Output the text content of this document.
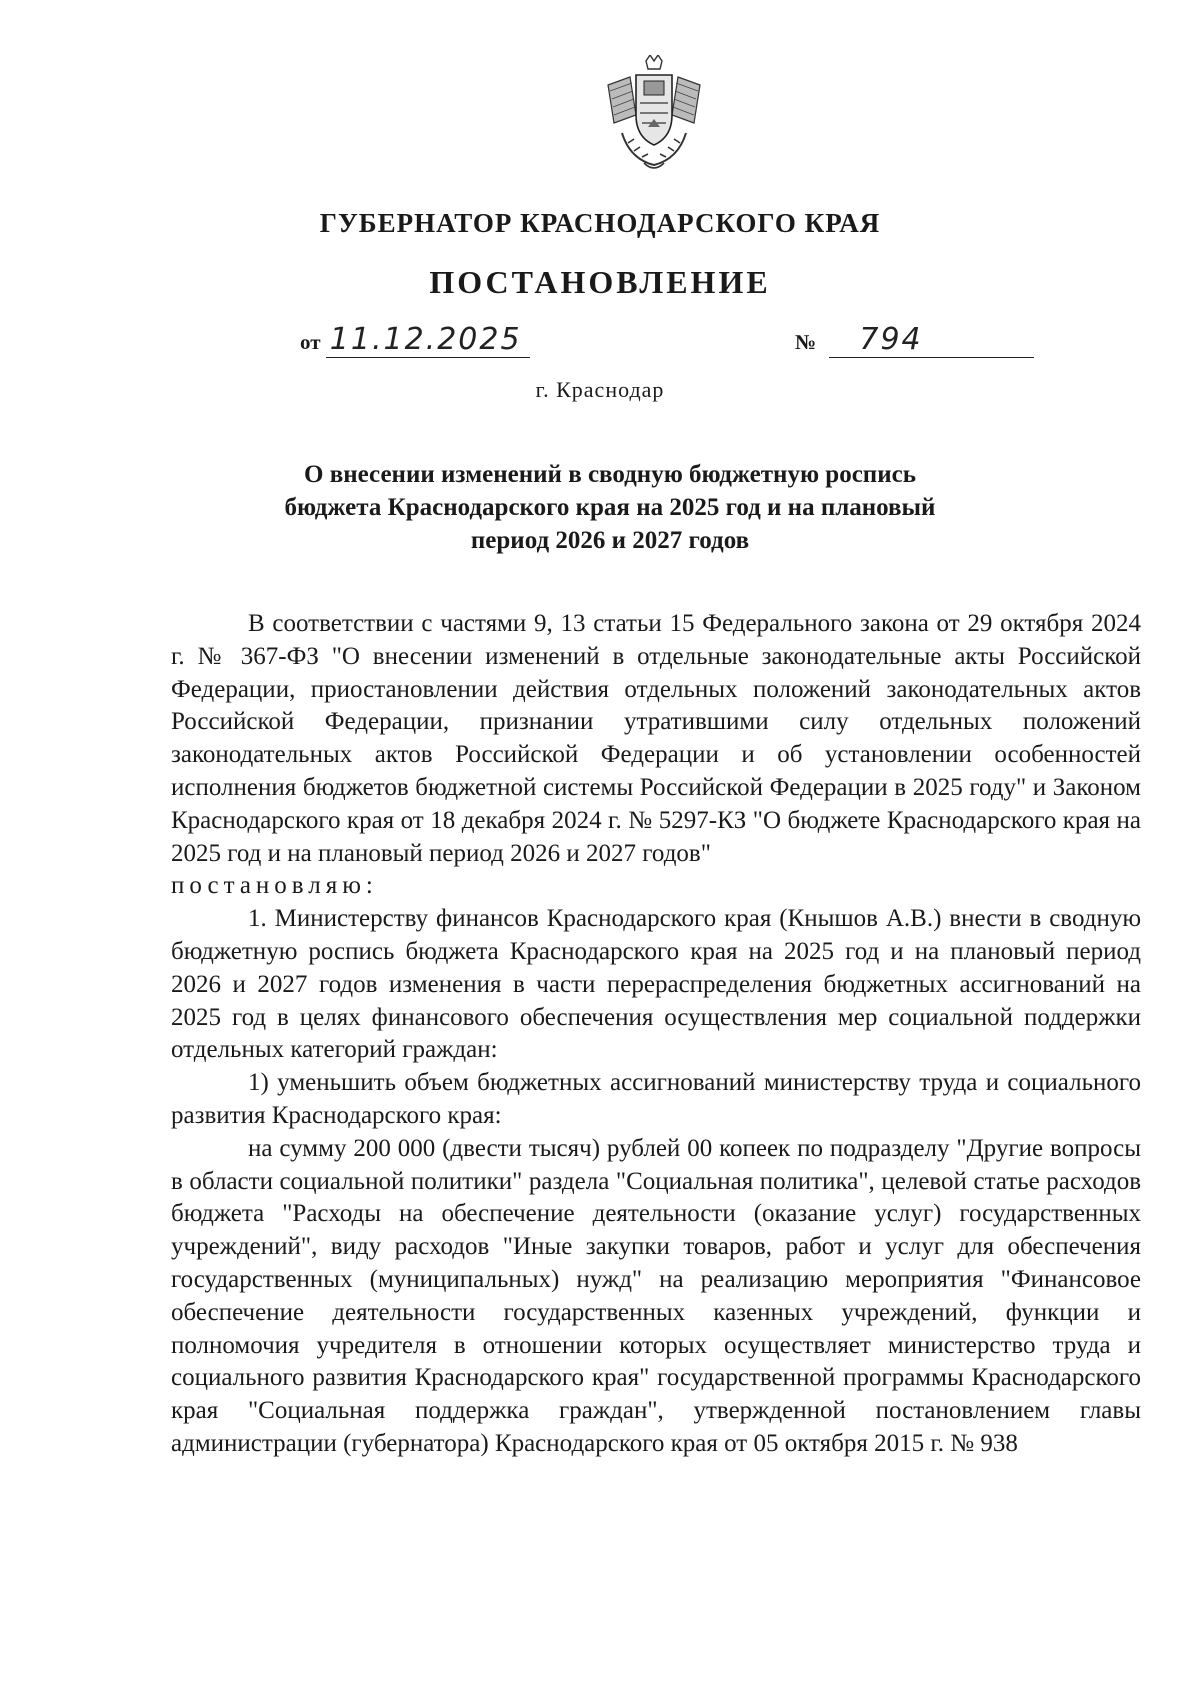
ГУБЕРНАТОР КРАСНОДАРСКОГО КРАЯ
ПОСТАНОВЛЕНИЕ
от 11.12.2025	№ 794
г. Краснодар
О внесении изменений в сводную бюджетную роспись
бюджета Краснодарского края на 2025 год и на плановый
период 2026 и 2027 годов

В соответствии с частями 9, 13 статьи 15 Федерального закона от 29 октября 2024 г. № 367-ФЗ "О внесении изменений в отдельные законодательные акты Российской Федерации, приостановлении действия отдельных положений законодательных актов Российской Федерации, признании утратившими силу отдельных положений законодательных актов Российской Федерации и об установлении особенностей исполнения бюджетов бюджетной системы Российской Федерации в 2025 году" и Законом Краснодарского края от 18 декабря 2024 г. № 5297-КЗ "О бюджете Краснодарского края на 2025 год и на плановый период 2026 и 2027 годов"

постановляю:

1. Министерству финансов Краснодарского края (Кнышов А.В.) внести в сводную бюджетную роспись бюджета Краснодарского края на 2025 год и на плановый период 2026 и 2027 годов изменения в части перераспределения бюджетных ассигнований на 2025 год в целях финансового обеспечения осуществления мер социальной поддержки отдельных категорий граждан:

1) уменьшить объем бюджетных ассигнований министерству труда и социального развития Краснодарского края:

на сумму 200 000 (двести тысяч) рублей 00 копеек по подразделу "Другие вопросы в области социальной политики" раздела "Социальная политика", целевой статье расходов бюджета "Расходы на обеспечение деятельности (оказание услуг) государственных учреждений", виду расходов "Иные закупки товаров, работ и услуг для обеспечения государственных (муниципальных) нужд" на реализацию мероприятия "Финансовое обеспечение деятельности государственных казенных учреждений, функции и полномочия учредителя в отношении которых осуществляет министерство труда и социального развития Краснодарского края" государственной программы Краснодарского края "Социальная поддержка граждан", утвержденной постановлением главы администрации (губернатора) Краснодарского края от 05 октября 2015 г. № 938
